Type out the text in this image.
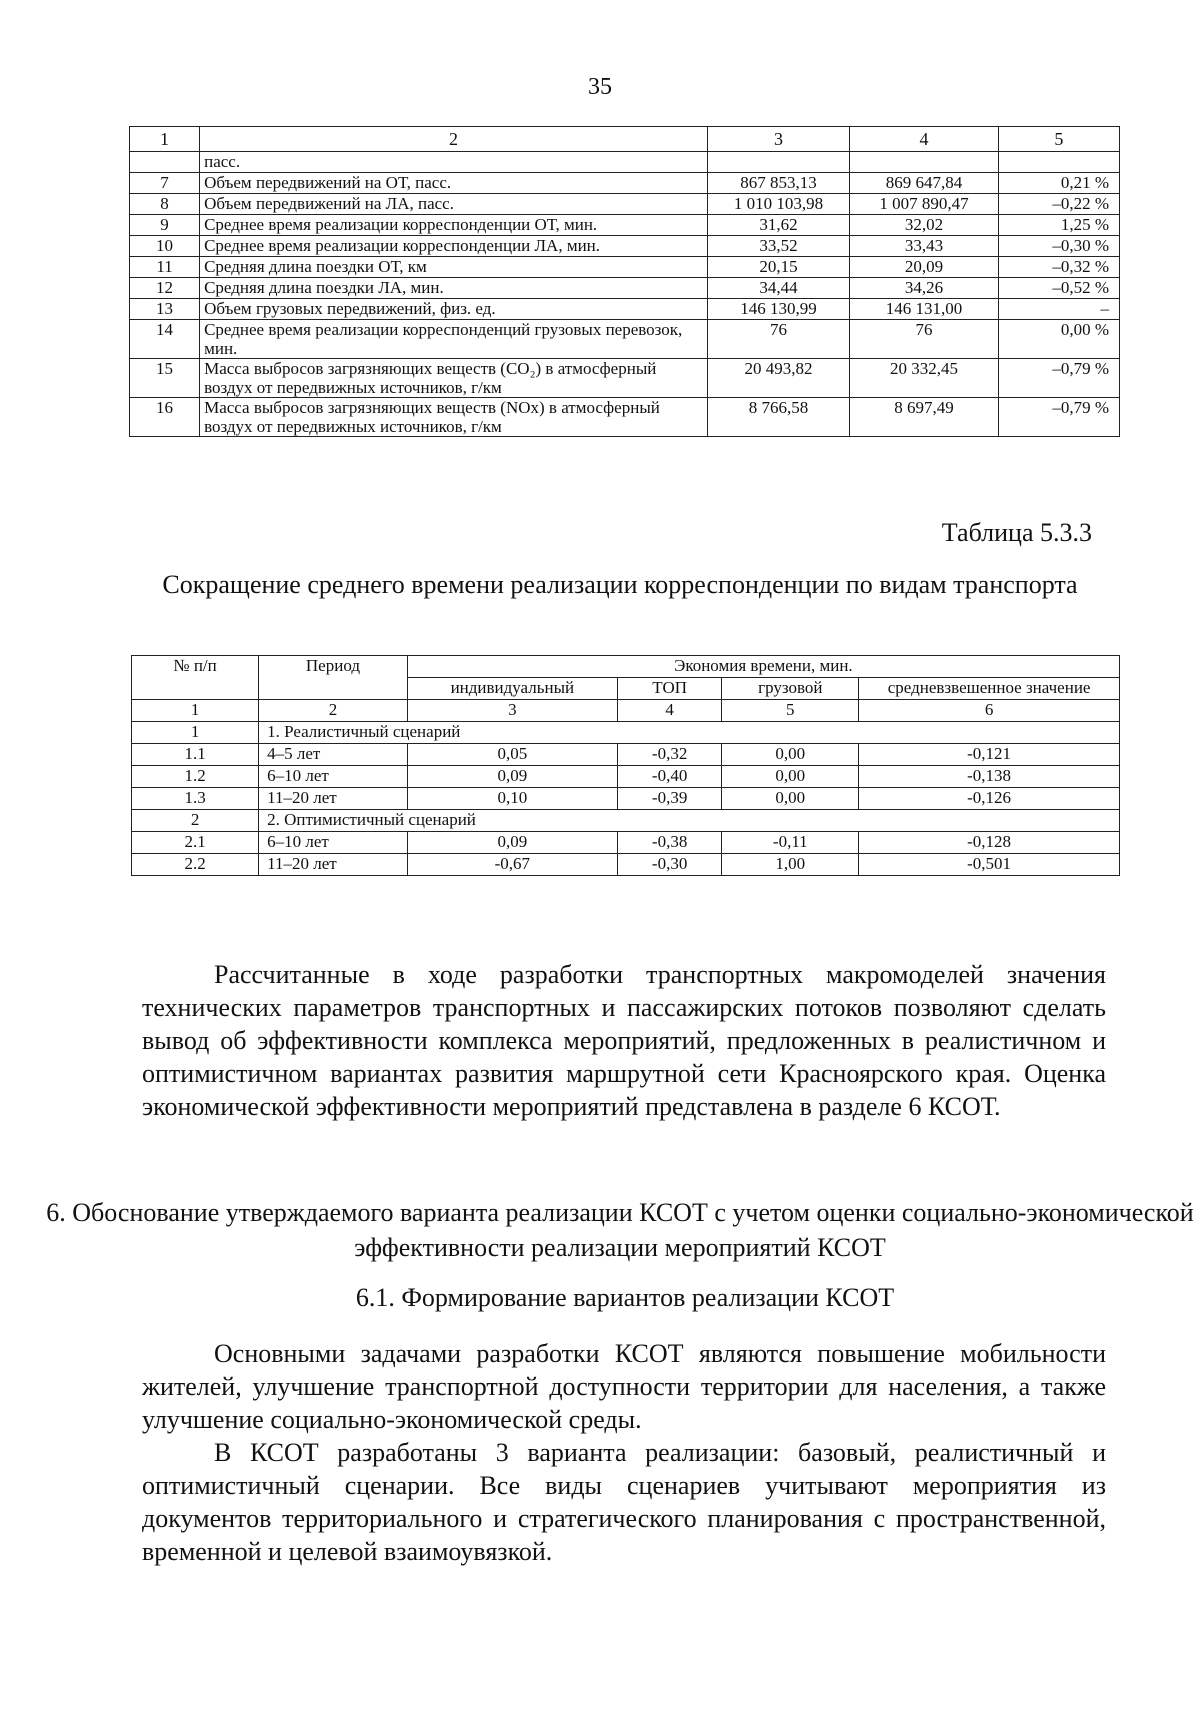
35
1	2	3	4	5
	пасс.			
7	Объем передвижений на ОТ, пасс.	867 853,13	869 647,84	0,21 %
8	Объем передвижений на ЛА, пасс.	1 010 103,98	1 007 890,47	–0,22 %
9	Среднее время реализации корреспонденции ОТ, мин.	31,62	32,02	1,25 %
10	Среднее время реализации корреспонденции ЛА, мин.	33,52	33,43	–0,30 %
11	Средняя длина поездки ОТ, км	20,15	20,09	–0,32 %
12	Средняя длина поездки ЛА, мин.	34,44	34,26	–0,52 %
13	Объем грузовых передвижений, физ. ед.	146 130,99	146 131,00	–
14	Среднее время реализации корреспонденций грузовых перевозок, мин.	76	76	0,00 %
15	Масса выбросов загрязняющих веществ (CO₂) в атмосферный воздух от передвижных источников, г/км	20 493,82	20 332,45	–0,79 %
16	Масса выбросов загрязняющих веществ (NOx) в атмосферный воздух от передвижных источников, г/км	8 766,58	8 697,49	–0,79 %
Таблица 5.3.3
Сокращение среднего времени реализации корреспонденции по видам транспорта
№ п/п	Период	Экономия времени, мин.			
		индивидуальный	ТОП	грузовой	средневзвешенное значение
1	2	3	4	5	6
1	1. Реалистичный сценарий				
1.1	4–5 лет	0,05	-0,32	0,00	-0,121
1.2	6–10 лет	0,09	-0,40	0,00	-0,138
1.3	11–20 лет	0,10	-0,39	0,00	-0,126
2	2. Оптимистичный сценарий				
2.1	6–10 лет	0,09	-0,38	-0,11	-0,128
2.2	11–20 лет	-0,67	-0,30	1,00	-0,501

Рассчитанные в ходе разработки транспортных макромоделей значения технических параметров транспортных и пассажирских потоков позволяют сделать вывод об эффективности комплекса мероприятий, предложенных в реалистичном и оптимистичном вариантах развития маршрутной сети Красноярского края. Оценка экономической эффективности мероприятий представлена в разделе 6 КСОТ.

6. Обоснование утверждаемого варианта реализации КСОТ с учетом оценки социально-экономической эффективности реализации мероприятий КСОТ
6.1. Формирование вариантов реализации КСОТ

Основными задачами разработки КСОТ являются повышение мобильности жителей, улучшение транспортной доступности территории для населения, а также улучшение социально-экономической среды.

В КСОТ разработаны 3 варианта реализации: базовый, реалистичный и оптимистичный сценарии. Все виды сценариев учитывают мероприятия из документов территориального и стратегического планирования с пространственной, временной и целевой взаимоувязкой.
